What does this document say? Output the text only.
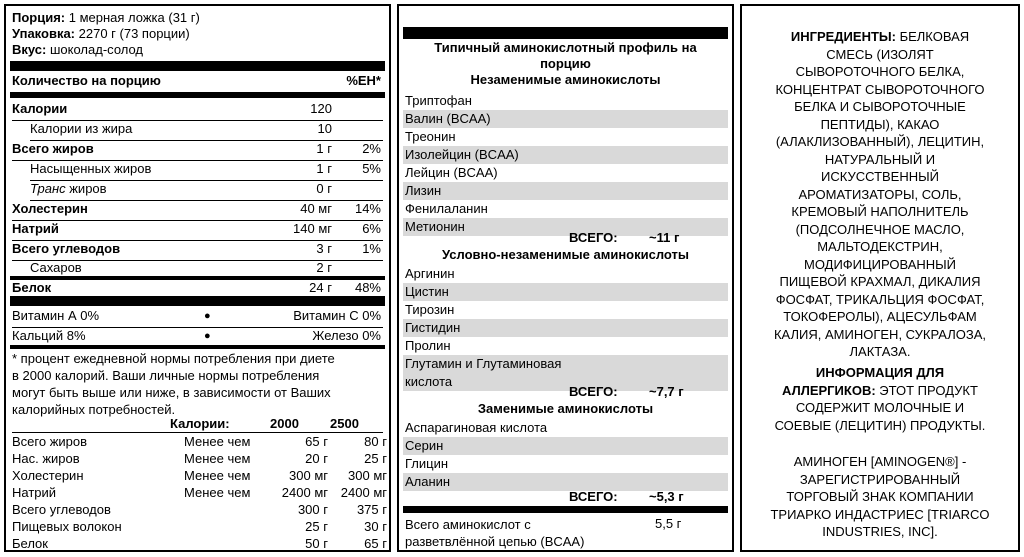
Порция: 1 мерная ложка (31 г)
Упаковка: 2270 г (73 порции)
Вкус: шоколад-солод
Количество на порцию	%ЕН*
Калории	120
Калории из жира	10
Всего жиров	1 г 2%
Насыщенных жиров	1 г 5%
Транс жиров	0 г
Холестерин	40 мг 14%
Натрий	140 мг 6%
Всего углеводов	3 г 1%
Сахаров	2 г
Белок	24 г 48%
Витамин А 0%	●	Витамин С 0%
Кальций 8%	●	Железо 0%
* процент ежедневной нормы потребления при диете
в 2000 калорий. Ваши личные нормы потребления
могут быть выше или ниже, в зависимости от Ваших
калорийных потребностей.
Калории:	2000 2500
Всего жиров	Менее чем	65 г	80 г
Нас. жиров	Менее чем	20 г	25 г
Холестерин	Менее чем	300 мг	300 мг
Натрий	Менее чем	2400 мг 2400 мг
Всего углеводов	300 г	375 г
Пищевых волокон	25 г	30 г
Белок	50 г	65 г
Типичный аминокислотный профиль на
порцию
Незаменимые аминокислоты
Триптофан
Валин (BCAA)
Треонин
Изолейцин (BCAA)
Лейцин (BCAA)
Лизин
Фенилаланин
Метионин
ВСЕГО: ~11 г
Условно-незаменимые аминокислоты
Аргинин
Цистин
Тирозин
Гистидин
Пролин
Глутамин и Глутаминовая
кислота
ВСЕГО: ~7,7 г
Заменимые аминокислоты
Аспарагиновая кислота
Серин
Глицин
Аланин
ВСЕГО: ~5,3 г
Всего аминокислот с
разветвлённой цепью (BCAA)
5,5 г
ИНГРЕДИЕНТЫ: БЕЛКОВАЯ
СМЕСЬ (ИЗОЛЯТ
СЫВОРОТОЧНОГО БЕЛКА,
КОНЦЕНТРАТ СЫВОРОТОЧНОГО
БЕЛКА И СЫВОРОТОЧНЫЕ
ПЕПТИДЫ), КАКАО
(АЛАКЛИЗОВАННЫЙ), ЛЕЦИТИН,
НАТУРАЛЬНЫЙ И
ИСКУССТВЕННЫЙ
АРОМАТИЗАТОРЫ, СОЛЬ,
КРЕМОВЫЙ НАПОЛНИТЕЛЬ
(ПОДСОЛНЕЧНОЕ МАСЛО,
МАЛЬТОДЕКСТРИН,
МОДИФИЦИРОВАННЫЙ
ПИЩЕВОЙ КРАХМАЛ, ДИКАЛИЯ
ФОСФАТ, ТРИКАЛЬЦИЯ ФОСФАТ,
ТОКОФЕРОЛЫ), АЦЕСУЛЬФАМ
КАЛИЯ, АМИНОГЕН, СУКРАЛОЗА,
ЛАКТАЗА.
ИНФОРМАЦИЯ ДЛЯ
АЛЛЕРГИКОВ: ЭТОТ ПРОДУКТ
СОДЕРЖИТ МОЛОЧНЫЕ И
СОЕВЫЕ (ЛЕЦИТИН) ПРОДУКТЫ.
АМИНОГЕН [AMINOGEN®] -
ЗАРЕГИСТРИРОВАННЫЙ
ТОРГОВЫЙ ЗНАК КОМПАНИИ
ТРИАРКО ИНДАСТРИЕС [TRIARCO
INDUSTRIES, INC].
